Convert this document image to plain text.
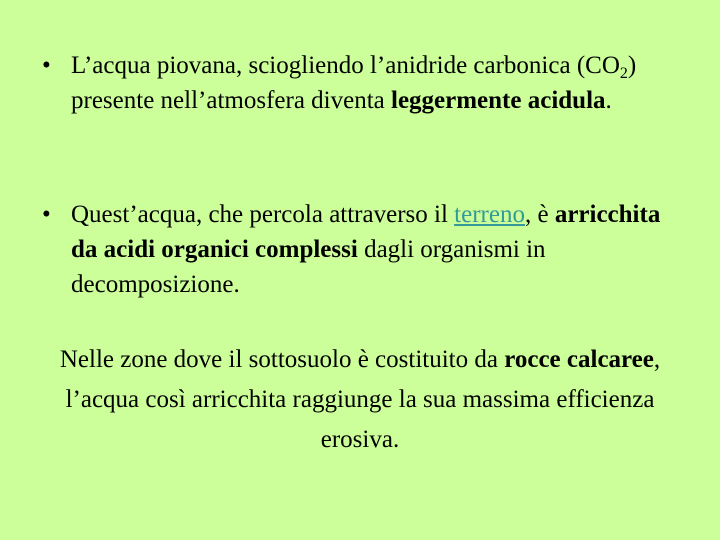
• L’acqua piovana, sciogliendo l’anidride carbonica $(CO_2)$ presente nell’atmosfera diventa leggermente acidula.
• Quest’acqua, che percola attraverso il terreno, è arricchita da acidi organici complessi dagli organismi in decomposizione.
Nelle zone dove il sottosuolo è costituito da rocce calcaree, l’acqua così arricchita raggiunge la sua massima efficienza erosiva.
